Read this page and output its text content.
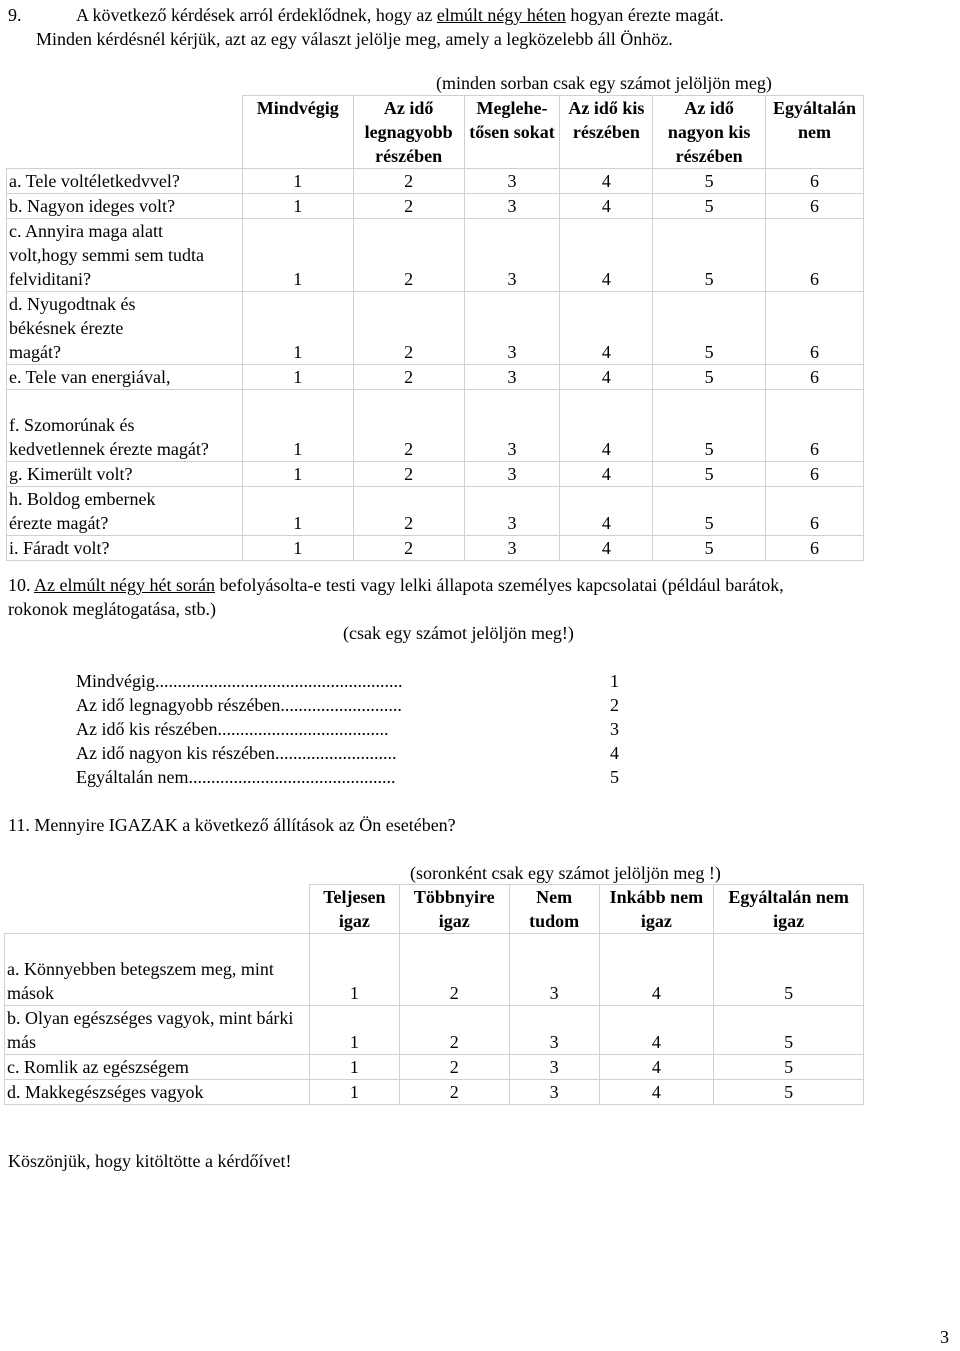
9.	A következő kérdések arról érdeklődnek, hogy az elmúlt négy héten hogyan érezte magát.
Minden kérdésnél kérjük, azt az egy választ jelölje meg, amely a legközelebb áll Önhöz.
(minden sorban csak egy számot jelöljön meg)
	Mindvégig	Az idő legnagyobb részében	Meglehe-tősen sokat	Az idő kis részében	Az idő nagyon kis részében	Egyáltalán nem
a. Tele voltéletkedvvel?	1	2	3	4	5	6
b. Nagyon ideges volt?	1	2	3	4	5	6

c. Annyira maga alatt volt,hogy semmi sem tudta felviditani?	1	2	3	4	5	6

d. Nyugodtnak és békésnek érezte magát?	1	2	3	4	5	6
e. Tele van energiával,	1	2	3	4	5	6

f. Szomorúnak és kedvetlennek érezte magát?	1	2	3	4	5	6
g. Kimerült volt?	1	2	3	4	5	6

h. Boldog embernek érezte magát?	1	2	3	4	5	6
i. Fáradt volt?	1	2	3	4	5	6
10. Az elmúlt négy hét során befolyásolta-e testi vagy lelki állapota személyes kapcsolatai (például barátok,
rokonok meglátogatása, stb.)
(csak egy számot jelöljön meg!)
Mindvégig.......................................................	1
Az idő legnagyobb részében...........................	2
Az idő kis részében......................................	3
Az idő nagyon kis részében...........................	4
Egyáltalán nem..............................................	5
11. Mennyire IGAZAK a következő állítások az Ön esetében?
(soronként csak egy számot jelöljön meg !)
	Teljesen igaz	Többnyire igaz	Nem tudom	Inkább nem igaz	Egyáltalán nem igaz

a. Könnyebben betegszem meg, mint mások	1	2	3	4	5

b. Olyan egészséges vagyok, mint bárki más	1	2	3	4	5
c. Romlik az egészségem	1	2	3	4	5
d. Makkegészséges vagyok	1	2	3	4	5
Köszönjük, hogy kitöltötte a kérdőívet!
3
